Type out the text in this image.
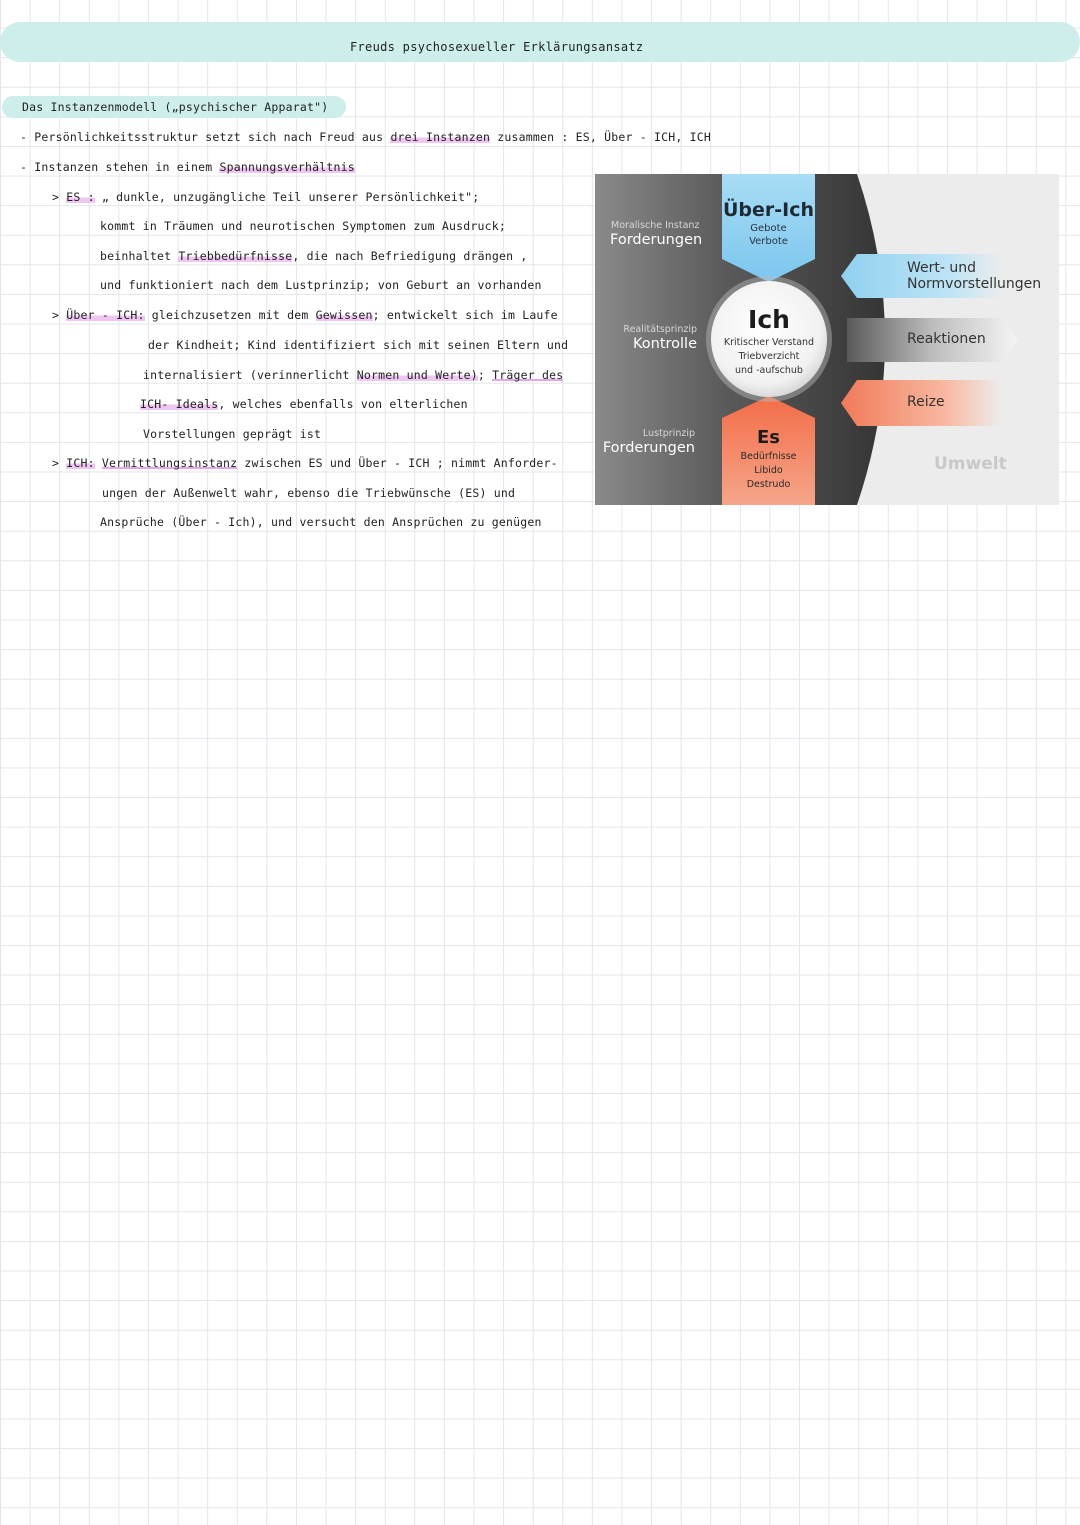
Freuds psychosexueller Erklärungsansatz
Das Instanzenmodell („psychischer Apparat")
- Persönlichkeitsstruktur setzt sich nach Freud aus drei Instanzen zusammen : ES, Über - ICH, ICH
- Instanzen stehen in einem Spannungsverhältnis
> ES : „ dunkle, unzugängliche Teil unserer Persönlichkeit";
kommt in Träumen und neurotischen Symptomen zum Ausdruck;
beinhaltet Triebbedürfnisse, die nach Befriedigung drängen ,
und funktioniert nach dem Lustprinzip; von Geburt an vorhanden
> Über - ICH: gleichzusetzen mit dem Gewissen; entwickelt sich im Laufe
der Kindheit; Kind identifiziert sich mit seinen Eltern und
internalisiert (verinnerlicht Normen und Werte); Träger des
ICH- Ideals, welches ebenfalls von elterlichen
Vorstellungen geprägt ist
> ICH: Vermittlungsinstanz zwischen ES und Über - ICH ; nimmt Anforder-
ungen der Außenwelt wahr, ebenso die Triebwünsche (ES) und
Ansprüche (Über - Ich), und versucht den Ansprüchen zu genügen
Moralische Instanz
Forderungen
Realitätsprinzip
Kontrolle
Lustprinzip
Forderungen
Über-Ich
Gebote
Verbote
Ich
Kritischer Verstand
Triebverzicht
und -aufschub
Es
Bedürfnisse
Libido
Destrudo
Wert- und
Normvorstellungen
Reaktionen
Reize
Umwelt
